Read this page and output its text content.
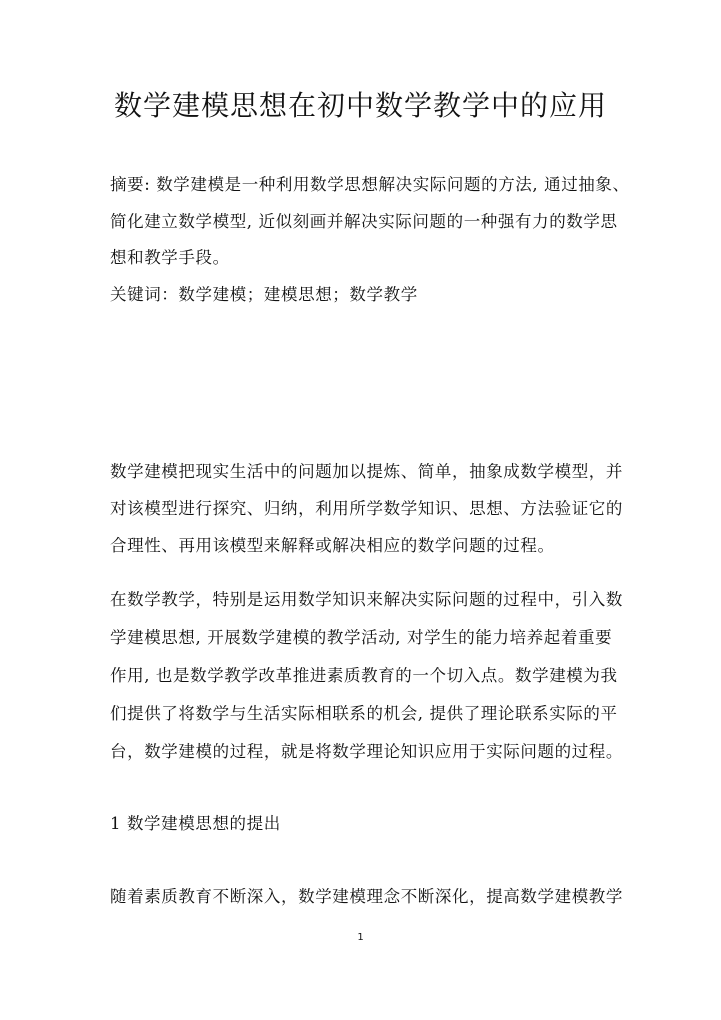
数学建模思想在初中数学教学中的应用
摘要: 数学建模是一种利用数学思想解决实际问题的方法, 通过抽象、
简化建立数学模型, 近似刻画并解决实际问题的一种强有力的数学思
想和教学手段。
关键词：数学建模；建模思想；数学教学
数学建模把现实生活中的问题加以提炼、简单，抽象成数学模型，并
对该模型进行探究、归纳，利用所学数学知识、思想、方法验证它的
合理性、再用该模型来解释或解决相应的数学问题的过程。
在数学教学，特别是运用数学知识来解决实际问题的过程中，引入数
学建模思想, 开展数学建模的教学活动, 对学生的能力培养起着重要
作用, 也是数学教学改革推进素质教育的一个切入点。数学建模为我
们提供了将数学与生活实际相联系的机会, 提供了理论联系实际的平
台，数学建模的过程，就是将数学理论知识应用于实际问题的过程。
1 数学建模思想的提出
随着素质教育不断深入，数学建模理念不断深化，提高数学建模教学
1
